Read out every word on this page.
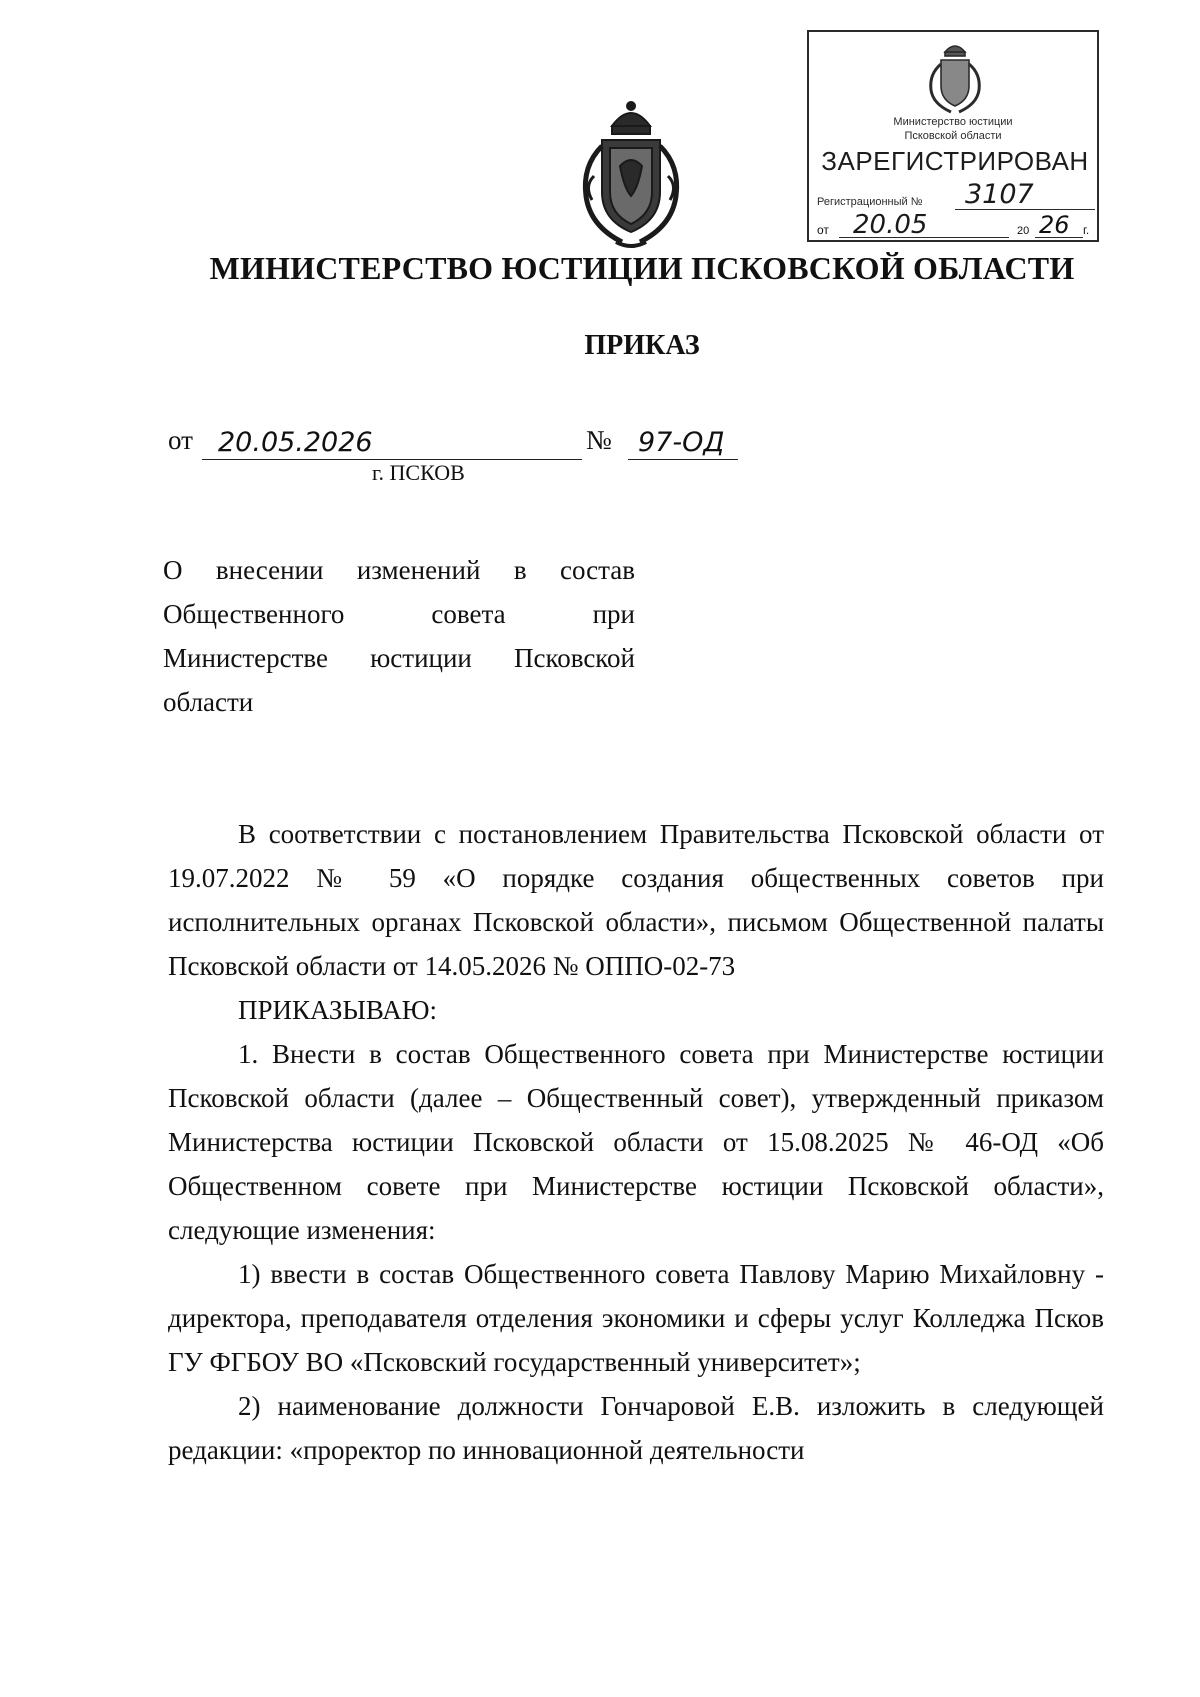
Министерство юстиции
Псковской области
ЗАРЕГИСТРИРОВАН
Регистрационный № 3107
от 20.05	20 26 г.
МИНИСТЕРСТВО ЮСТИЦИИ ПСКОВСКОЙ ОБЛАСТИ
ПРИКАЗ
от 20.05.2026	№ 97-ОД
г. ПСКОВ
О внесении изменений в состав Общественного совета при Министерстве юстиции Псковской области

В соответствии с постановлением Правительства Псковской области от 19.07.2022 № 59 «О порядке создания общественных советов при исполнительных органах Псковской области», письмом Общественной палаты Псковской области от 14.05.2026 № ОППО-02-73

ПРИКАЗЫВАЮ:

1. Внести в состав Общественного совета при Министерстве юстиции Псковской области (далее – Общественный совет), утвержденный приказом Министерства юстиции Псковской области от 15.08.2025 № 46-ОД «Об Общественном совете при Министерстве юстиции Псковской области», следующие изменения:

1) ввести в состав Общественного совета Павлову Марию Михайловну - директора, преподавателя отделения экономики и сферы услуг Колледжа Псков ГУ ФГБОУ ВО «Псковский государственный университет»;

2) наименование должности Гончаровой Е.В. изложить в следующей редакции: «проректор по инновационной деятельности
